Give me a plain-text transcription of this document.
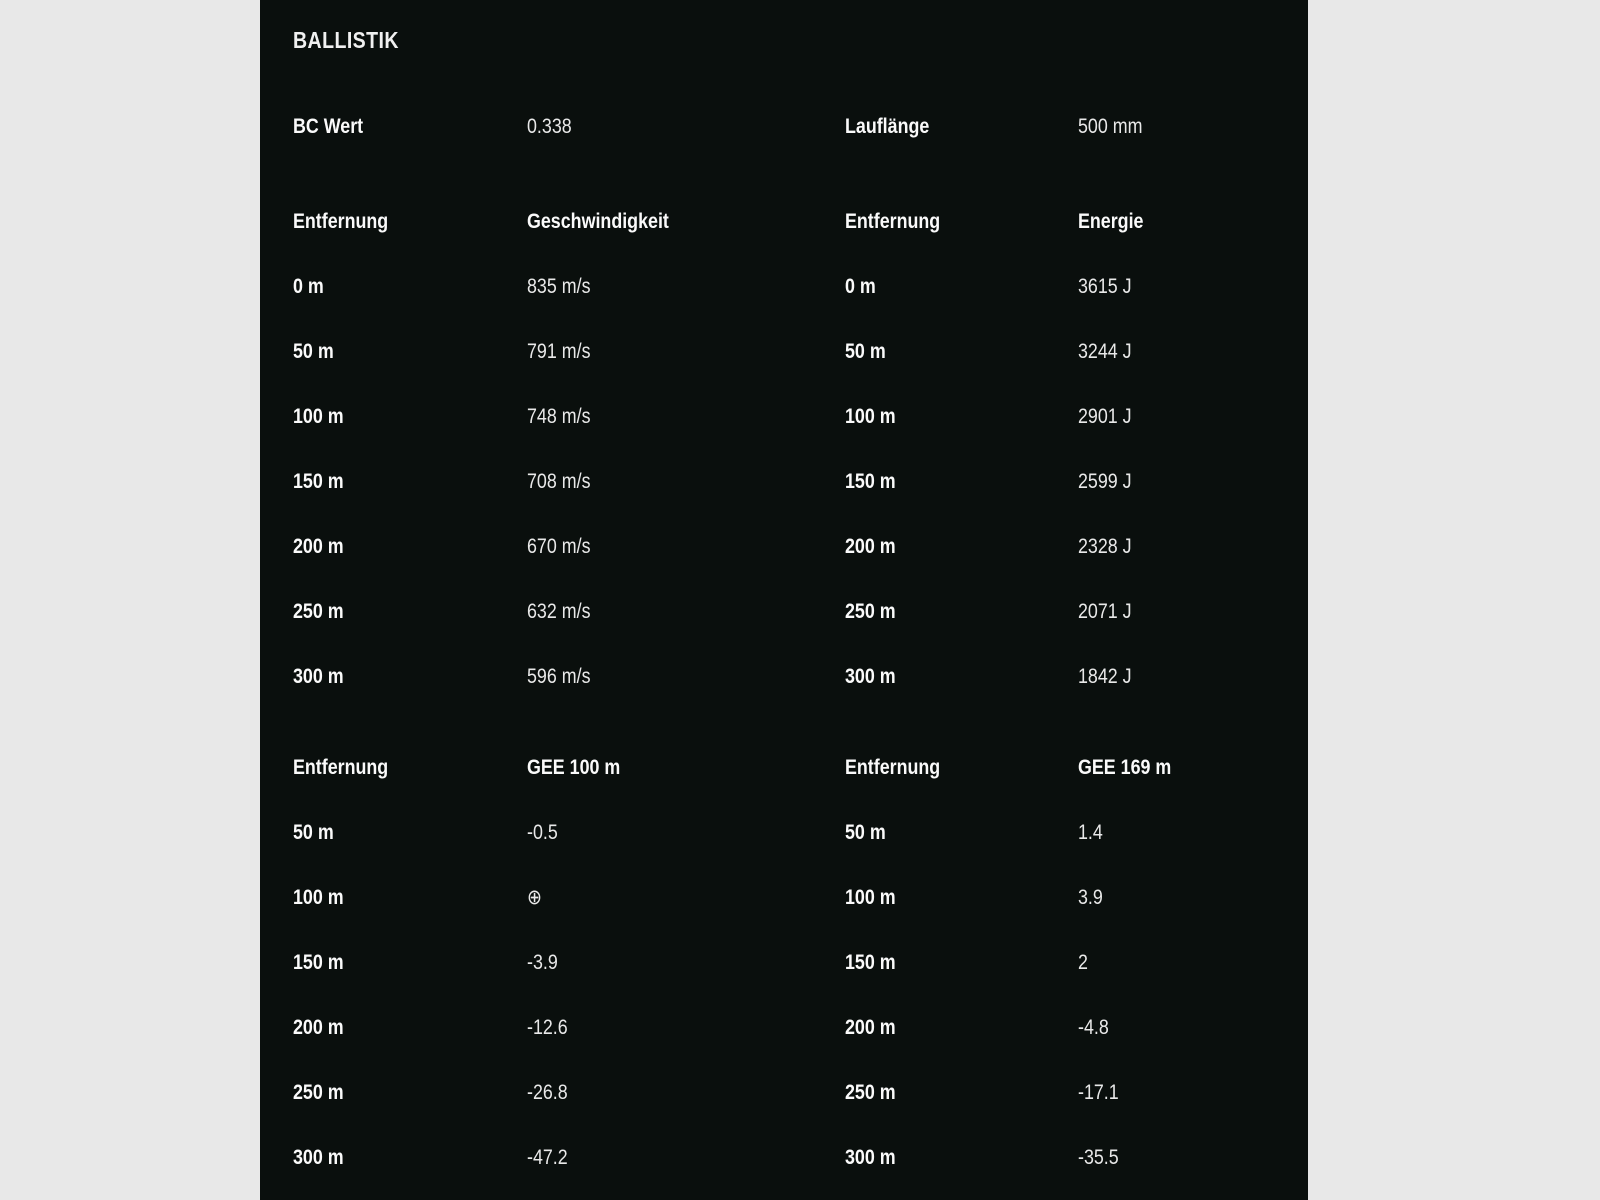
BALLISTIK
BC Wert	0.338	Lauflänge	500 mm
Entfernung	Geschwindigkeit	Entfernung	Energie
0 m	835 m/s	0 m	3615 J
50 m	791 m/s	50 m	3244 J
100 m	748 m/s	100 m	2901 J
150 m	708 m/s	150 m	2599 J
200 m	670 m/s	200 m	2328 J
250 m	632 m/s	250 m	2071 J
300 m	596 m/s	300 m	1842 J
Entfernung	GEE 100 m	Entfernung	GEE 169 m
50 m	-0.5	50 m	1.4
100 m	⊕	100 m	3.9
150 m	-3.9	150 m	2
200 m	-12.6	200 m	-4.8
250 m	-26.8	250 m	-17.1
300 m	-47.2	300 m	-35.5
